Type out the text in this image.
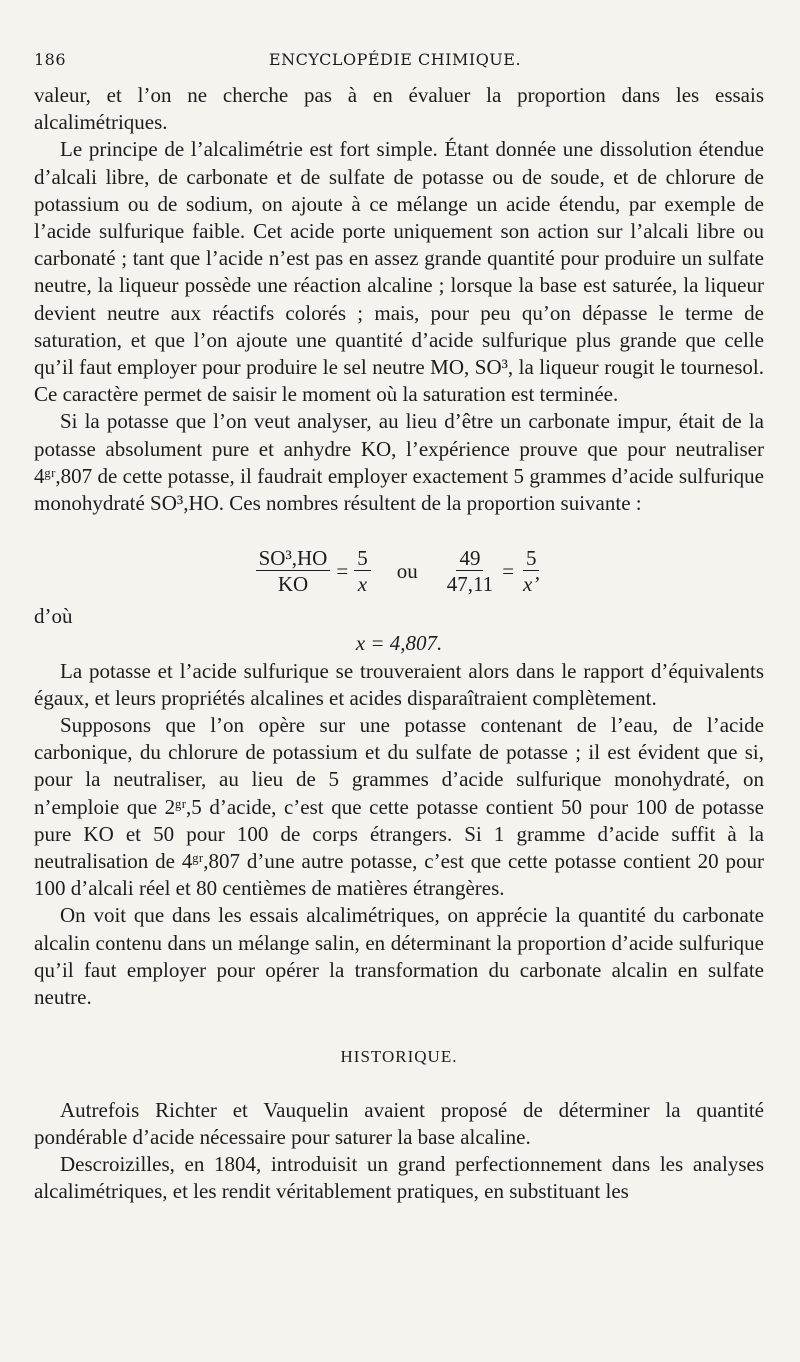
186	ENCYCLOPÉDIE CHIMIQUE.

valeur, et l’on ne cherche pas à en évaluer la proportion dans les essais alcalimétriques.

Le principe de l’alcalimétrie est fort simple. Étant donnée une dissolution étendue d’alcali libre, de carbonate et de sulfate de potasse ou de soude, et de chlorure de potassium ou de sodium, on ajoute à ce mélange un acide étendu, par exemple de l’acide sulfurique faible. Cet acide porte uniquement son action sur l’alcali libre ou carbonaté ; tant que l’acide n’est pas en assez grande quantité pour produire un sulfate neutre, la liqueur possède une réaction alcaline ; lorsque la base est saturée, la liqueur devient neutre aux réactifs colorés ; mais, pour peu qu’on dépasse le terme de saturation, et que l’on ajoute une quantité d’acide sulfurique plus grande que celle qu’il faut employer pour produire le sel neutre MO, SO³, la liqueur rougit le tournesol. Ce caractère permet de saisir le moment où la saturation est terminée.

Si la potasse que l’on veut analyser, au lieu d’être un carbonate impur, était de la potasse absolument pure et anhydre KO, l’expérience prouve que pour neutraliser 4ᵍʳ,807 de cette potasse, il faudrait employer exactement 5 grammes d’acide sulfurique monohydraté SO³,HO. Ces nombres résultent de la proportion suivante :

$\frac{\text{SO³,HO}}{KO} = \frac{5}{x}$ ou $\frac{49}{47,11} = \frac{5}{x’}$

d’où

x = 4,807.

La potasse et l’acide sulfurique se trouveraient alors dans le rapport d’équivalents égaux, et leurs propriétés alcalines et acides disparaîtraient complètement.

Supposons que l’on opère sur une potasse contenant de l’eau, de l’acide carbonique, du chlorure de potassium et du sulfate de potasse ; il est évident que si, pour la neutraliser, au lieu de 5 grammes d’acide sulfurique monohydraté, on n’emploie que 2ᵍʳ,5 d’acide, c’est que cette potasse contient 50 pour 100 de potasse pure KO et 50 pour 100 de corps étrangers. Si 1 gramme d’acide suffit à la neutralisation de 4ᵍʳ,807 d’une autre potasse, c’est que cette potasse contient 20 pour 100 d’alcali réel et 80 centièmes de matières étrangères.

On voit que dans les essais alcalimétriques, on apprécie la quantité du carbonate alcalin contenu dans un mélange salin, en déterminant la proportion d’acide sulfurique qu’il faut employer pour opérer la transformation du carbonate alcalin en sulfate neutre.

HISTORIQUE.

Autrefois Richter et Vauquelin avaient proposé de déterminer la quantité pondérable d’acide nécessaire pour saturer la base alcaline.

Descroizilles, en 1804, introduisit un grand perfectionnement dans les analyses alcalimétriques, et les rendit véritablement pratiques, en substituant les
